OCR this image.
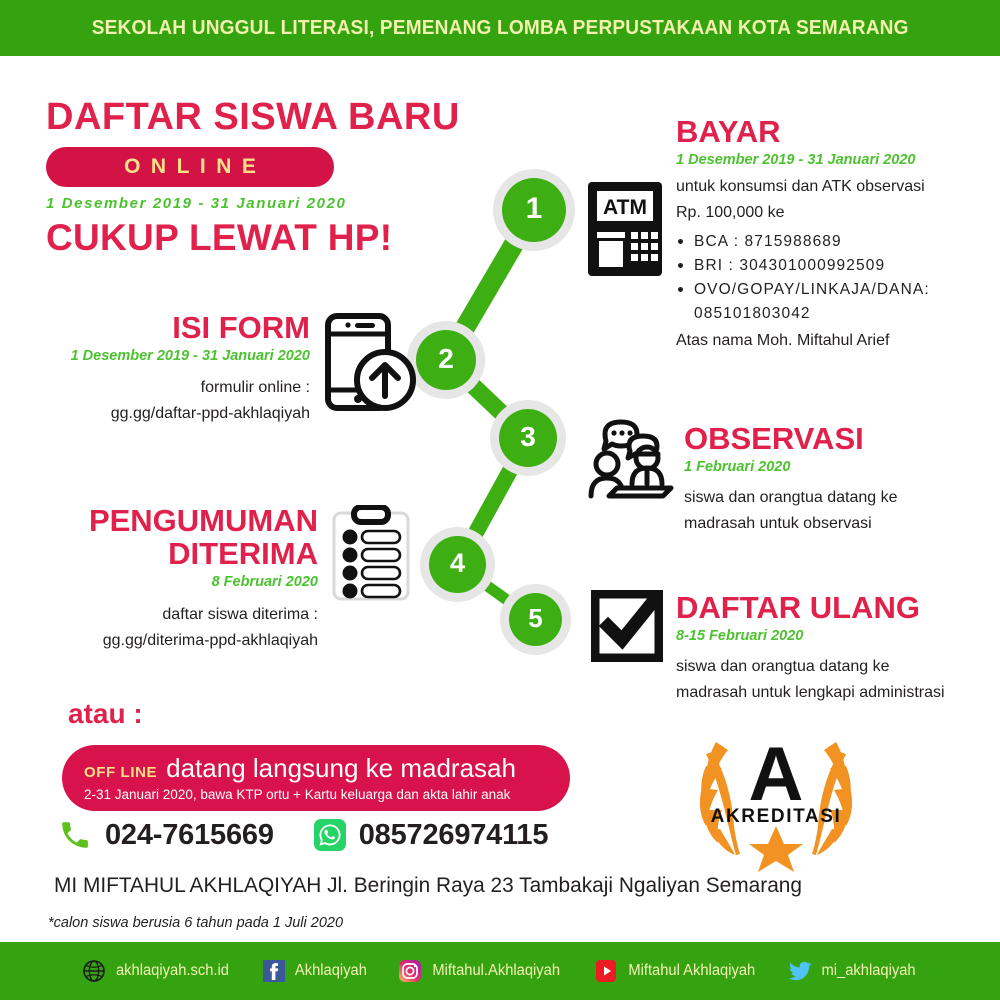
SEKOLAH UNGGUL LITERASI, PEMENANG LOMBA PERPUSTAKAAN KOTA SEMARANG
DAFTAR SISWA BARU
ONLINE
1 Desember 2019 - 31 Januari 2020
CUKUP LEWAT HP!
1
2
3
4
5
ATM
BAYAR
1 Desember 2019 - 31 Januari 2020
untuk konsumsi dan ATK observasi
Rp. 100,000 ke
BCA : 8715988689
BRI : 304301000992509
OVO/GOPAY/LINKAJA/DANA:
085101803042
Atas nama Moh. Miftahul Arief
ISI FORM
1 Desember 2019 - 31 Januari 2020
formulir online :
gg.gg/daftar-ppd-akhlaqiyah
OBSERVASI
1 Februari 2020
siswa dan orangtua datang ke
madrasah untuk observasi
PENGUMUMAN
DITERIMA
8 Februari 2020
daftar siswa diterima :
gg.gg/diterima-ppd-akhlaqiyah
DAFTAR ULANG
8-15 Februari 2020
siswa dan orangtua datang ke
madrasah untuk lengkapi administrasi
atau :
OFF LINE datang langsung ke madrasah
2-31 Januari 2020, bawa KTP ortu + Kartu keluarga dan akta lahir anak
024-7615669	085726974115
A
AKREDITASI
MI MIFTAHUL AKHLAQIYAH Jl. Beringin Raya 23 Tambakaji Ngaliyan Semarang
*calon siswa berusia 6 tahun pada 1 Juli 2020
akhlaqiyah.sch.id	Akhlaqiyah	Miftahul.Akhlaqiyah	Miftahul Akhlaqiyah	mi_akhlaqiyah
